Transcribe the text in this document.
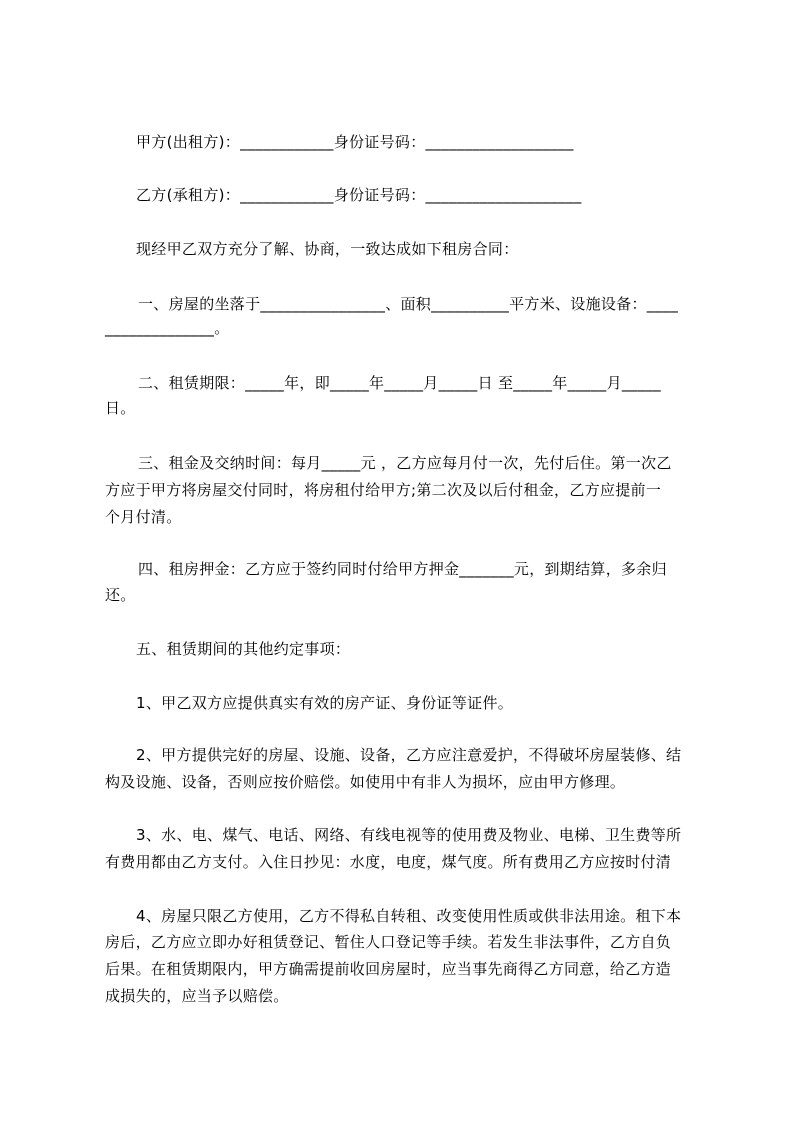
甲方(出租方)：____________身份证号码：___________________
乙方(承租方)：____________身份证号码：____________________
现经甲乙双方充分了解、协商，一致达成如下租房合同：
一、房屋的坐落于________________、面积__________平方米、设施设备：____
______________。
二、租赁期限：_____年，即_____年_____月_____日 至_____年_____月_____
日。
三、租金及交纳时间：每月_____元 ，乙方应每月付一次，先付后住。第一次乙
方应于甲方将房屋交付同时，将房租付给甲方;第二次及以后付租金，乙方应提前一
个月付清。
四、租房押金：乙方应于签约同时付给甲方押金_______元，到期结算，多余归
还。
五、租赁期间的其他约定事项：
1、甲乙双方应提供真实有效的房产证、身份证等证件。
2、甲方提供完好的房屋、设施、设备，乙方应注意爱护，不得破坏房屋装修、结
构及设施、设备，否则应按价赔偿。如使用中有非人为损坏，应由甲方修理。
3、水、电、煤气、电话、网络、有线电视等的使用费及物业、电梯、卫生费等所
有费用都由乙方支付。入住日抄见：水度，电度，煤气度。所有费用乙方应按时付清
4、房屋只限乙方使用，乙方不得私自转租、改变使用性质或供非法用途。租下本
房后，乙方应立即办好租赁登记、暂住人口登记等手续。若发生非法事件，乙方自负
后果。在租赁期限内，甲方确需提前收回房屋时，应当事先商得乙方同意，给乙方造
成损失的，应当予以赔偿。
